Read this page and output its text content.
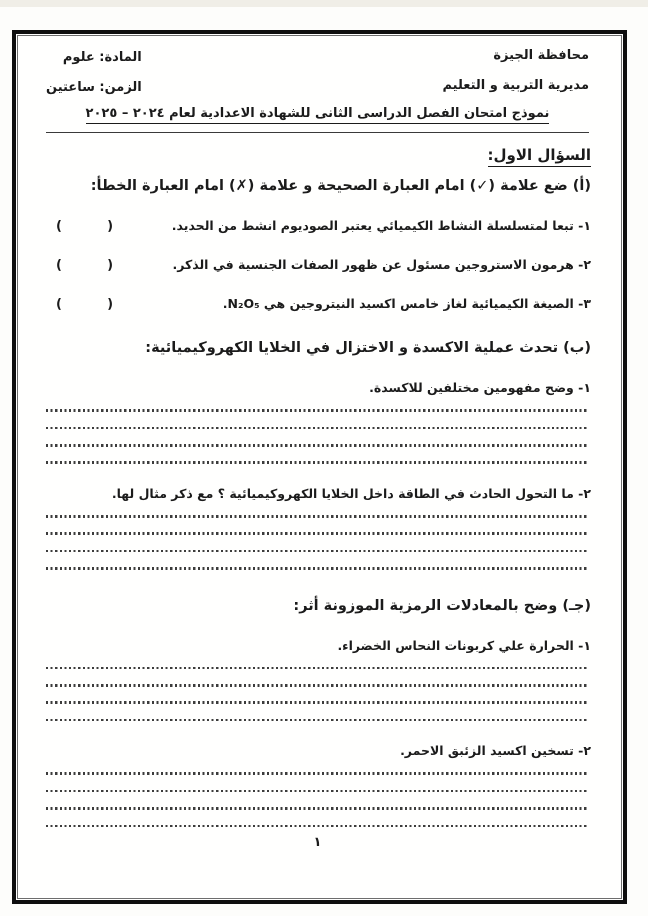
محافظة الجيزة
مديرية التربية و التعليم
المادة: علوم
الزمن: ساعتين
نموذج امتحان الفصل الدراسى الثانى للشهادة الاعدادية لعام ٢٠٢٤ – ٢٠٢٥
السؤال الاول:
(أ) ضع علامة (✓) امام العبارة الصحيحة و علامة (✗) امام العبارة الخطأ:
١- تبعا لمتسلسلة النشاط الكيميائي يعتبر الصوديوم انشط من الحديد.
(        )
٢- هرمون الاستروجين مسئول عن ظهور الصفات الجنسية في الذكر.
(        )
٣- الصيغة الكيميائية لغاز خامس اكسيد النيتروجين هي N₂O₅.
(        )
(ب) تحدث عملية الاكسدة و الاختزال في الخلايا الكهروكيميائية:
١- وضح مفهومين مختلفين للاكسدة.
٢- ما التحول الحادث في الطاقة داخل الخلايا الكهروكيميائية ؟ مع ذكر مثال لها.
(جـ) وضح بالمعادلات الرمزية الموزونة أثر:
١- الحرارة علي كربونات النحاس الخضراء.
٢- تسخين اكسيد الزئبق الاحمر.
١
